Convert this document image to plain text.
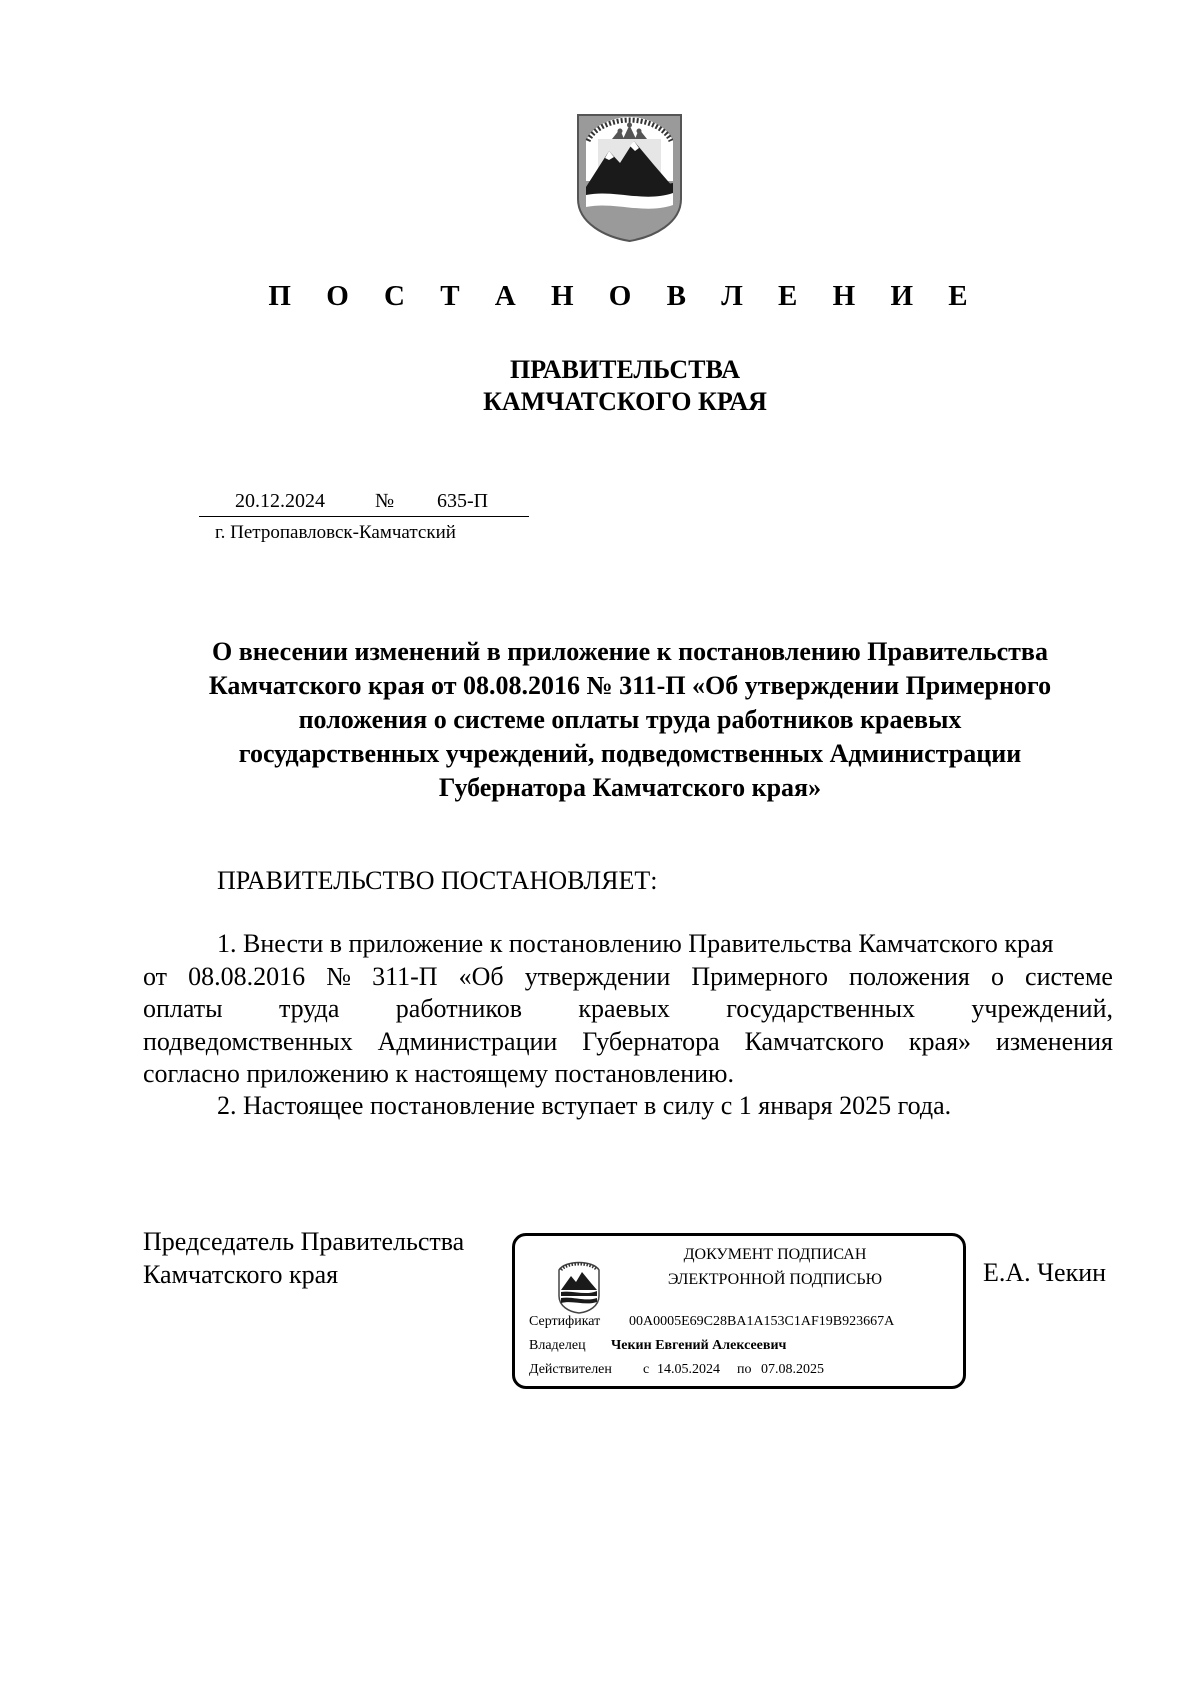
П О С Т А Н О В Л Е Н И Е
ПРАВИТЕЛЬСТВА
КАМЧАТСКОГО КРАЯ
20.12.2024	№ 635-П
г. Петропавловск-Камчатский
О внесении изменений в приложение к постановлению Правительства
Камчатского края от 08.08.2016 № 311-П «Об утверждении Примерного
положения о системе оплаты труда работников краевых
государственных учреждений, подведомственных Администрации
Губернатора Камчатского края»
ПРАВИТЕЛЬСТВО ПОСТАНОВЛЯЕТ:
1. Внести в приложение к постановлению Правительства Камчатского края
от 08.08.2016 № 311-П «Об утверждении Примерного положения о системе
оплаты труда работников краевых государственных учреждений,
подведомственных Администрации Губернатора Камчатского края» изменения
согласно приложению к настоящему постановлению.
2. Настоящее постановление вступает в силу с 1 января 2025 года.
Председатель Правительства
Камчатского края	Е.А. Чекин
ДОКУМЕНТ ПОДПИСАН
ЭЛЕКТРОННОЙ ПОДПИСЬЮ
Сертификат 00A0005E69C28BA1A153C1AF19B923667A
Владелец Чекин Евгений Алексеевич
Действителен с 14.05.2024 по 07.08.2025
